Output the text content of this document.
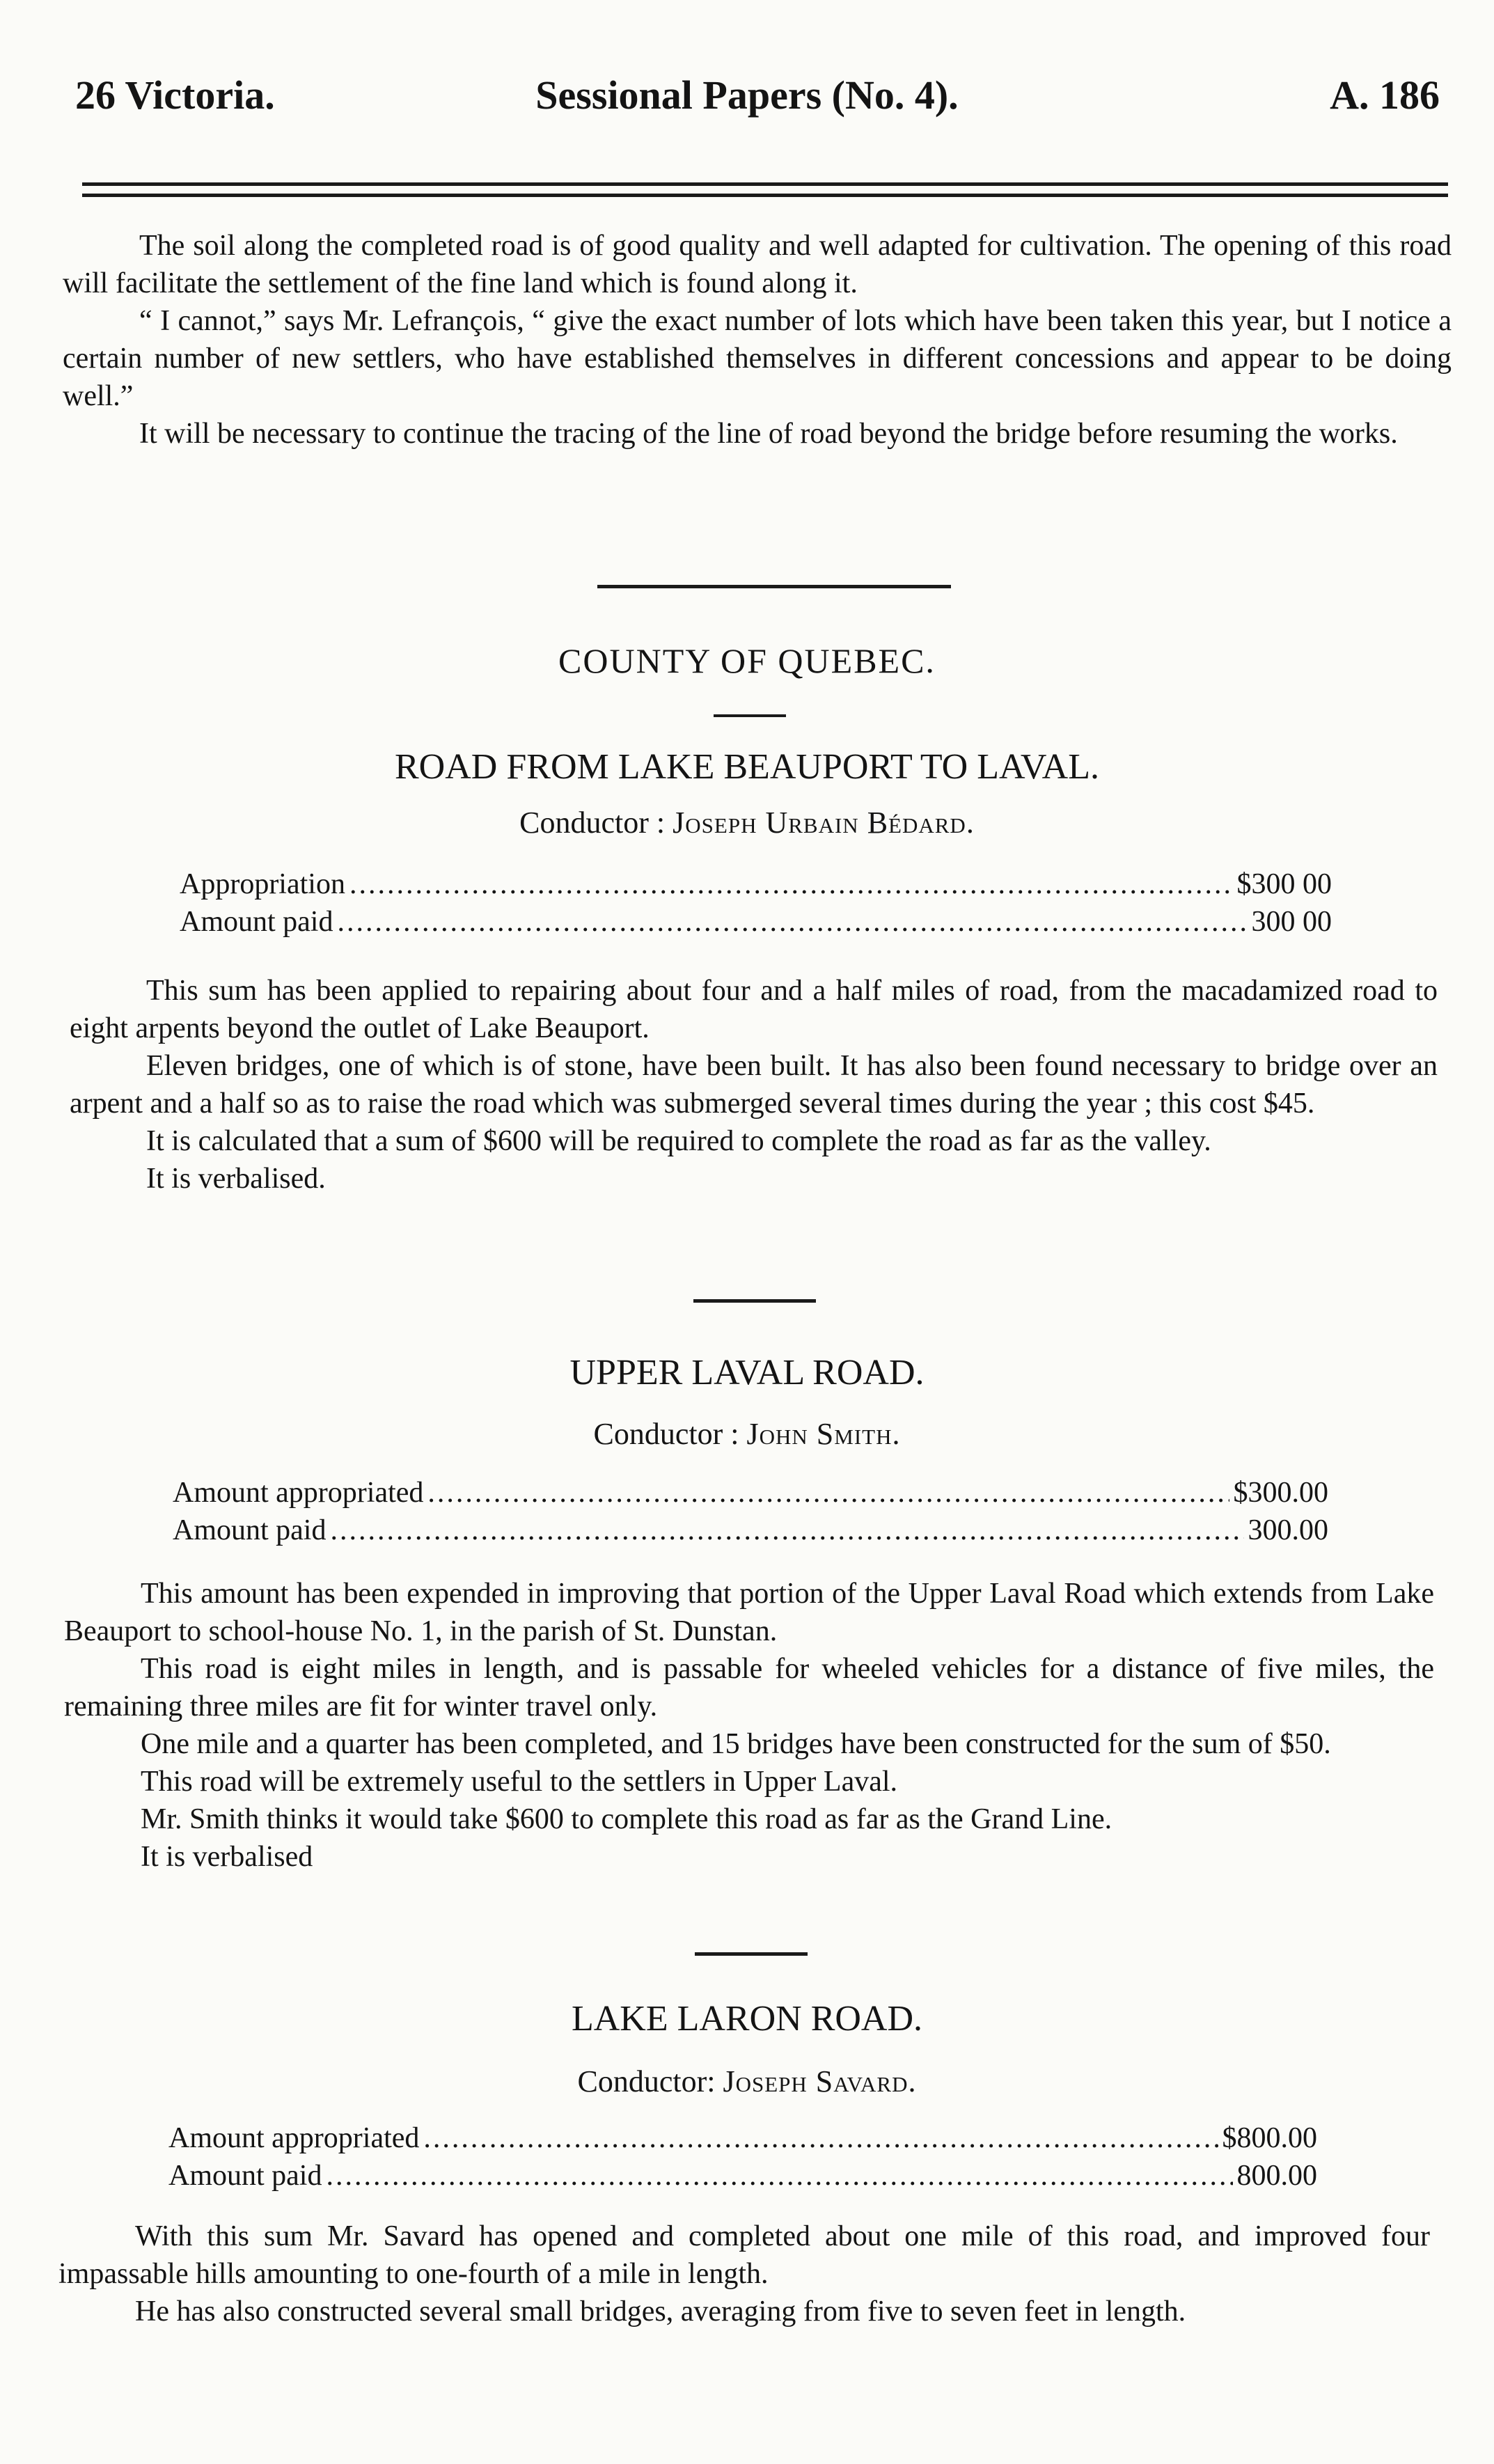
Sessional Papers (No. 4).
26 Victoria.	A. 186

The soil along the completed road is of good quality and well adapted for cultivation. The opening of this road will facilitate the settlement of the fine land which is found along it.

“ I cannot,” says Mr. Lefrançois, “ give the exact number of lots which have been taken this year, but I notice a certain number of new settlers, who have established themselves in different concessions and appear to be doing well.”

It will be necessary to continue the tracing of the line of road beyond the bridge before resuming the works.

COUNTY OF QUEBEC.
ROAD FROM LAKE BEAUPORT TO LAVAL.
Conductor : Joseph Urbain Bédard.
Appropriation .....	$300 00
Amount paid .....	300 00

This sum has been applied to repairing about four and a half miles of road, from the macadamized road to eight arpents beyond the outlet of Lake Beauport.

Eleven bridges, one of which is of stone, have been built. It has also been found necessary to bridge over an arpent and a half so as to raise the road which was submerged several times during the year ; this cost $45.

It is calculated that a sum of $600 will be required to complete the road as far as the valley.

It is verbalised.

UPPER LAVAL ROAD.
Conductor : John Smith.
Amount appropriated .....	$300.00
Amount paid .....	300.00

This amount has been expended in improving that portion of the Upper Laval Road which extends from Lake Beauport to school-house No. 1, in the parish of St. Dunstan.

This road is eight miles in length, and is passable for wheeled vehicles for a distance of five miles, the remaining three miles are fit for winter travel only.

One mile and a quarter has been completed, and 15 bridges have been constructed for the sum of $50.

This road will be extremely useful to the settlers in Upper Laval.

Mr. Smith thinks it would take $600 to complete this road as far as the Grand Line.

It is verbalised

LAKE LARON ROAD.
Conductor: Joseph Savard.
Amount appropriated .....	$800.00
Amount paid .....	800.00

With this sum Mr. Savard has opened and completed about one mile of this road, and improved four impassable hills amounting to one-fourth of a mile in length.

He has also constructed several small bridges, averaging from five to seven feet in length.
